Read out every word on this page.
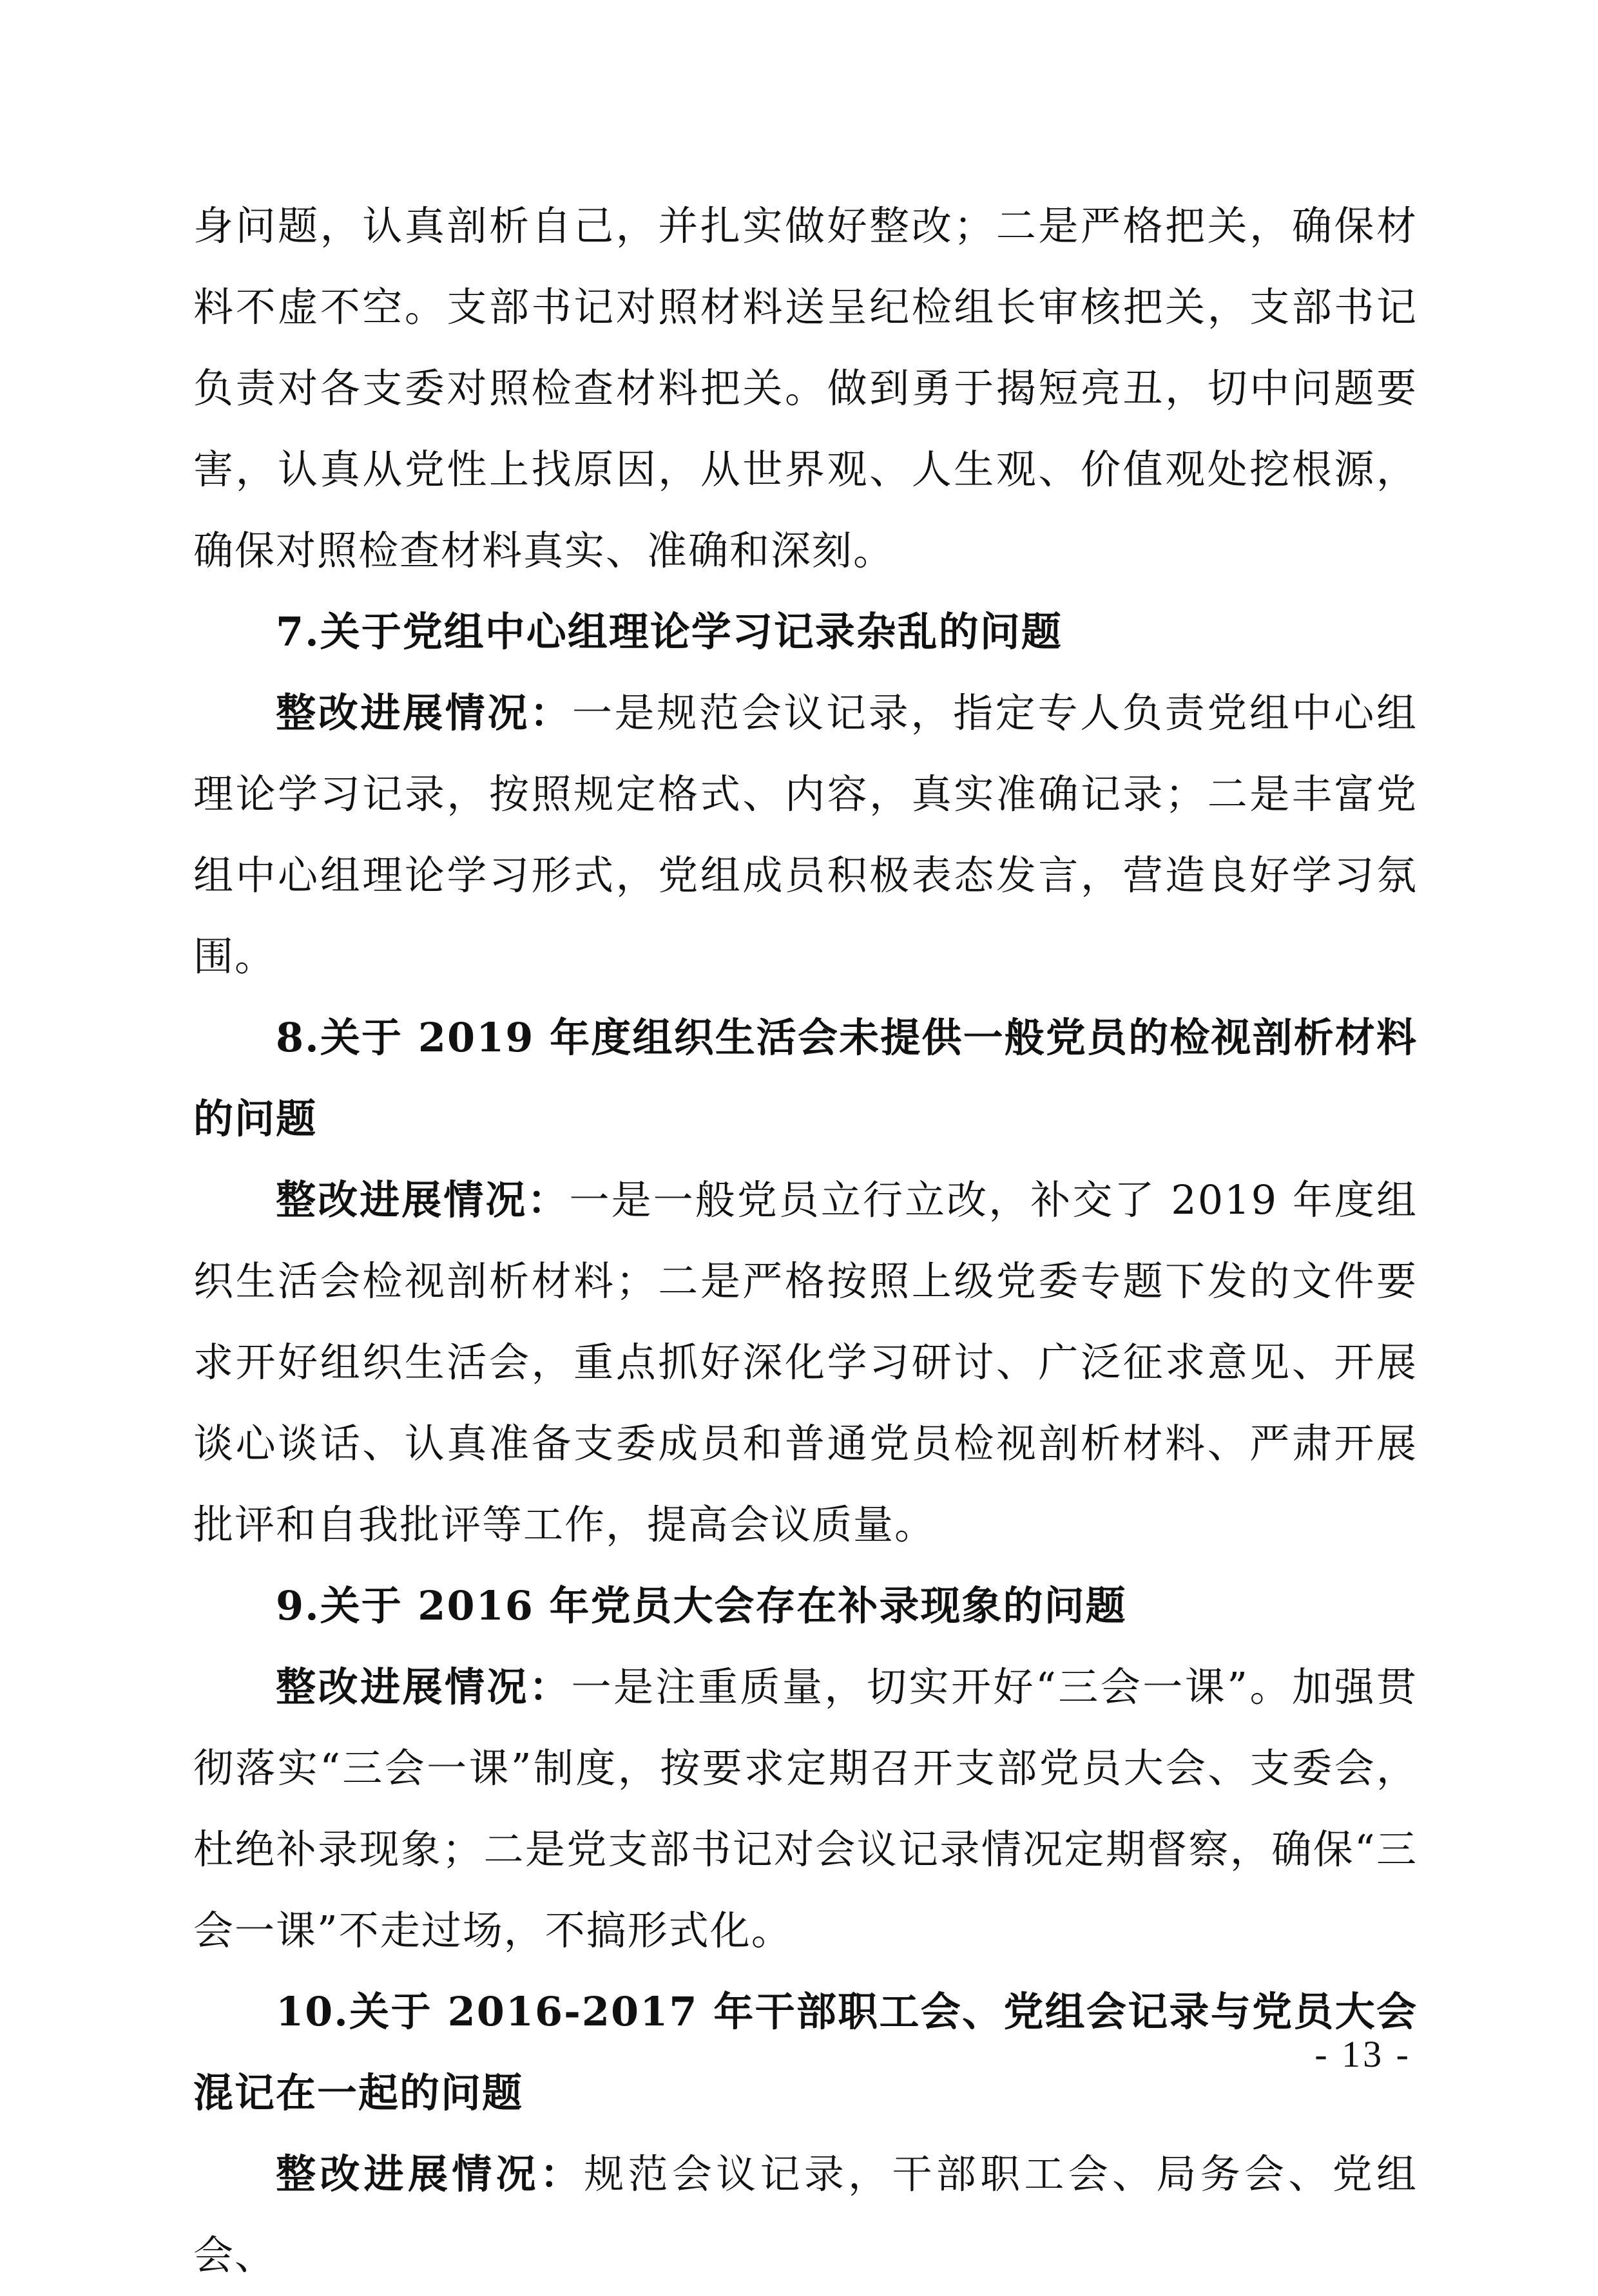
身问题，认真剖析自己，并扎实做好整改；二是严格把关，确保材料不虚不空。支部书记对照材料送呈纪检组长审核把关，支部书记负责对各支委对照检查材料把关。做到勇于揭短亮丑，切中问题要害，认真从党性上找原因，从世界观、人生观、价值观处挖根源，确保对照检查材料真实、准确和深刻。

7.关于党组中心组理论学习记录杂乱的问题

整改进展情况：一是规范会议记录，指定专人负责党组中心组理论学习记录，按照规定格式、内容，真实准确记录；二是丰富党组中心组理论学习形式，党组成员积极表态发言，营造良好学习氛围。

8.关于 2019 年度组织生活会未提供一般党员的检视剖析材料的问题

整改进展情况：一是一般党员立行立改，补交了 2019 年度组织生活会检视剖析材料；二是严格按照上级党委专题下发的文件要求开好组织生活会，重点抓好深化学习研讨、广泛征求意见、开展谈心谈话、认真准备支委成员和普通党员检视剖析材料、严肃开展批评和自我批评等工作，提高会议质量。

9.关于 2016 年党员大会存在补录现象的问题

整改进展情况：一是注重质量，切实开好“三会一课”。加强贯彻落实“三会一课”制度，按要求定期召开支部党员大会、支委会，杜绝补录现象；二是党支部书记对会议记录情况定期督察，确保“三会一课”不走过场，不搞形式化。

10.关于 2016-2017 年干部职工会、党组会记录与党员大会混记在一起的问题

整改进展情况：规范会议记录，干部职工会、局务会、党组会、

- 13 -
